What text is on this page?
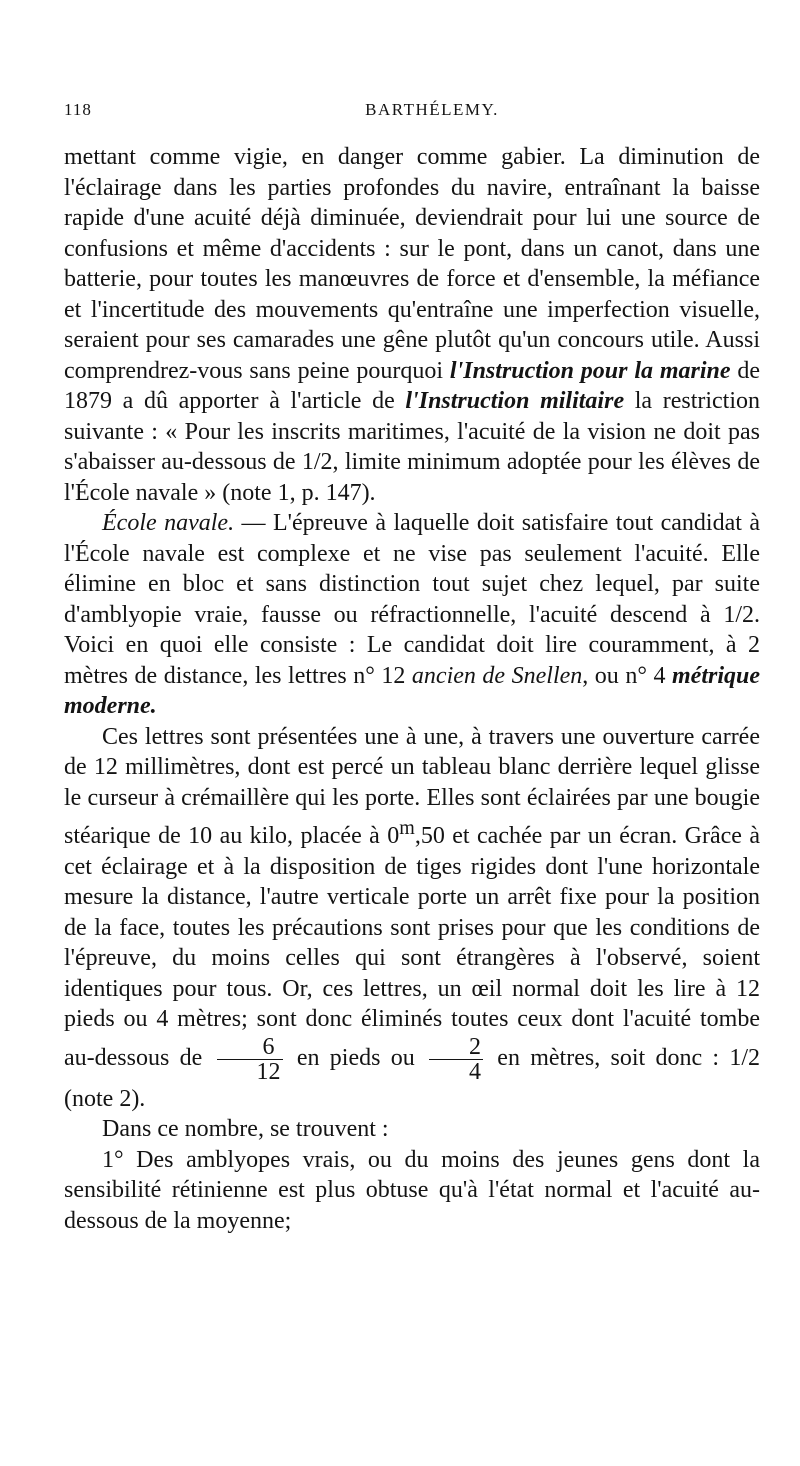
118	BARTHÉLEMY.

mettant comme vigie, en danger comme gabier. La diminution de l'éclairage dans les parties profondes du navire, entraînant la baisse rapide d'une acuité déjà diminuée, deviendrait pour lui une source de confusions et même d'accidents : sur le pont, dans un canot, dans une batterie, pour toutes les manœuvres de force et d'ensemble, la méfiance et l'incertitude des mouvements qu'entraîne une imperfection visuelle, seraient pour ses camarades une gêne plutôt qu'un concours utile. Aussi comprendrez-vous sans peine pourquoi l'Instruction pour la marine de 1879 a dû apporter à l'article de l'Instruction militaire la restriction suivante : « Pour les inscrits maritimes, l'acuité de la vision ne doit pas s'abaisser au-dessous de 1/2, limite minimum adoptée pour les élèves de l'École navale » (note 1, p. 147).

École navale. — L'épreuve à laquelle doit satisfaire tout candidat à l'École navale est complexe et ne vise pas seulement l'acuité. Elle élimine en bloc et sans distinction tout sujet chez lequel, par suite d'amblyopie vraie, fausse ou réfractionnelle, l'acuité descend à 1/2. Voici en quoi elle consiste : Le candidat doit lire couramment, à 2 mètres de distance, les lettres n° 12 ancien de Snellen, ou n° 4 métrique moderne.

Ces lettres sont présentées une à une, à travers une ouverture carrée de 12 millimètres, dont est percé un tableau blanc derrière lequel glisse le curseur à crémaillère qui les porte. Elles sont éclairées par une bougie stéarique de 10 au kilo, placée à 0$^m$,50 et cachée par un écran. Grâce à cet éclairage et à la disposition de tiges rigides dont l'une horizontale mesure la distance, l'autre verticale porte un arrêt fixe pour la position de la face, toutes les précautions sont prises pour que les conditions de l'épreuve, du moins celles qui sont étrangères à l'observé, soient identiques pour tous. Or, ces lettres, un œil normal doit les lire à 12 pieds ou 4 mètres; sont donc éliminés toutes ceux dont l'acuité tombe au-dessous de $\frac{6}{12}$ en pieds ou $\frac{2}{4}$ en mètres, soit donc : 1/2 (note 2).

Dans ce nombre, se trouvent :

1° Des amblyopes vrais, ou du moins des jeunes gens dont la sensibilité rétinienne est plus obtuse qu'à l'état normal et l'acuité au-dessous de la moyenne;
